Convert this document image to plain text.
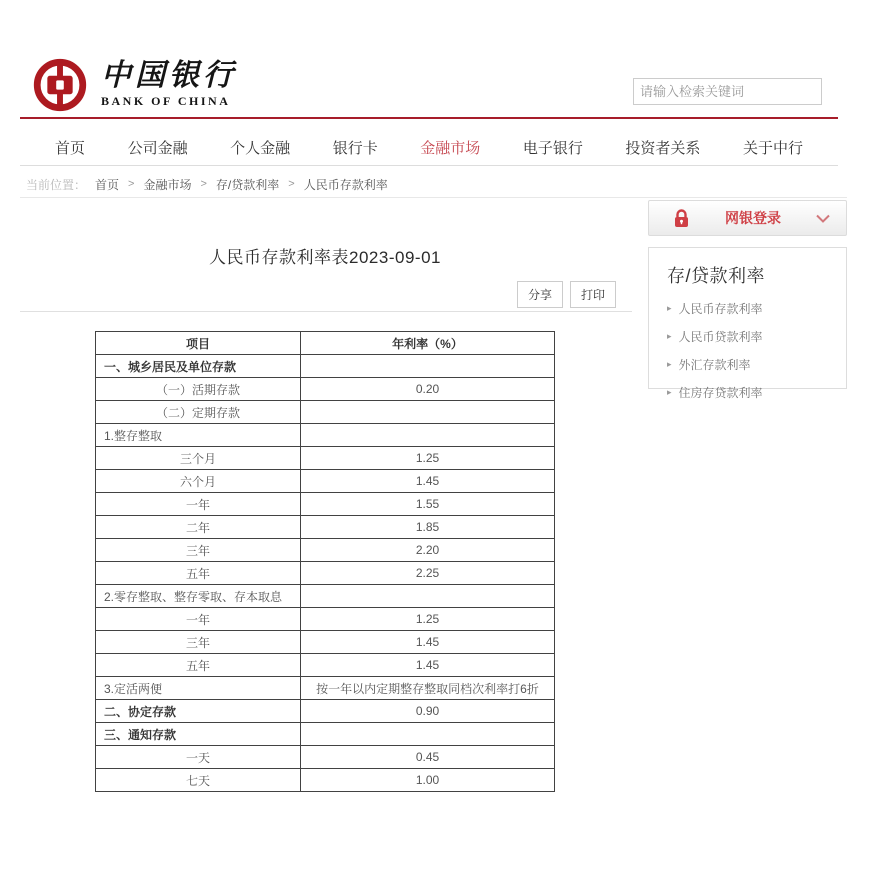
中国银行
BANK OF CHINA
请输入检索关键词
首页	公司金融	个人金融	银行卡	金融市场	电子银行	投资者关系	关于中行
当前位置： 首页 > 金融市场 > 存/贷款利率 > 人民币存款利率
人民币存款利率表2023-09-01
分享	打印
项目	年利率（%）
一、城乡居民及单位存款	
（一）活期存款	0.20
（二）定期存款	
1.整存整取	
三个月	1.25
六个月	1.45
一年	1.55
二年	1.85
三年	2.20
五年	2.25
2.零存整取、整存零取、存本取息	
一年	1.25
三年	1.45
五年	1.45
3.定活两便	按一年以内定期整存整取同档次利率打6折
二、协定存款	0.90
三、通知存款	
一天	0.45
七天	1.00
网银登录
存/贷款利率
▸ 人民币存款利率
▸ 人民币贷款利率
▸ 外汇存款利率
▸ 住房存贷款利率
